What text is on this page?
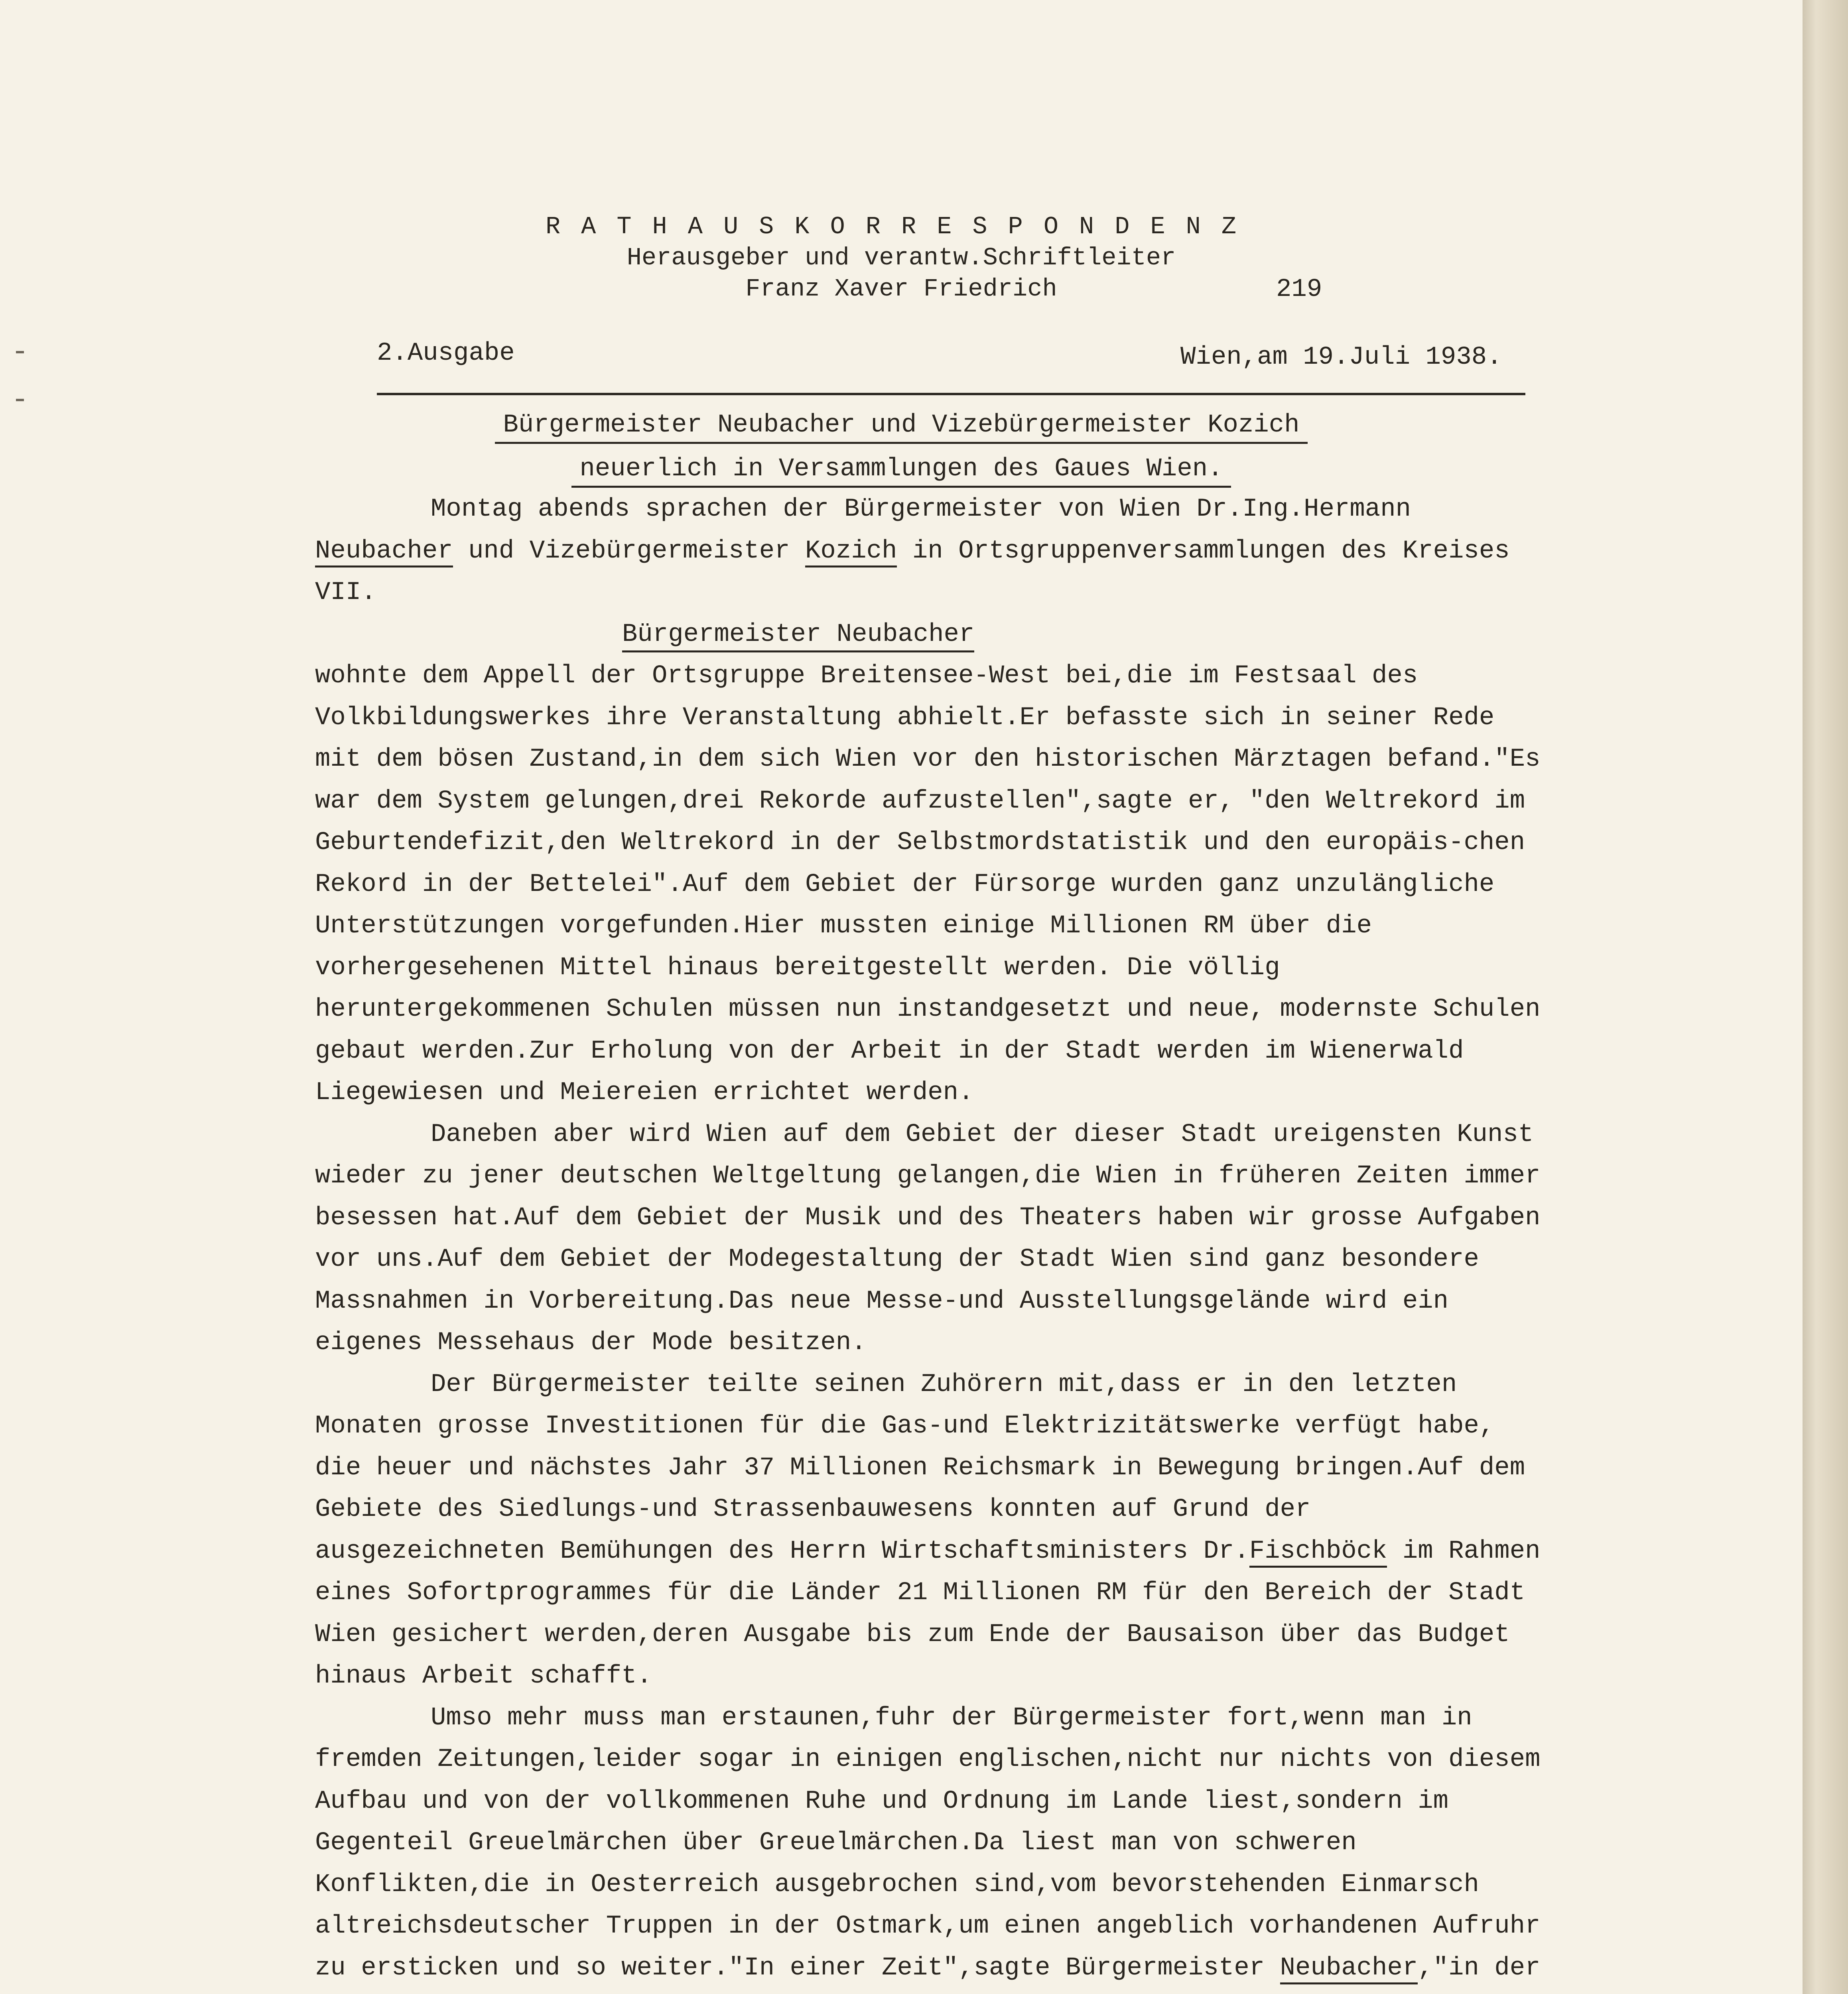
RATHAUSKORRESPONDENZ
Herausgeber und verantw.Schriftleiter
Franz Xaver Friedrich	219
2.Ausgabe	Wien,am 19.Juli 1938.
Bürgermeister Neubacher und Vizebürgermeister Kozich
neuerlich in Versammlungen des Gaues Wien.

Montag abends sprachen der Bürgermeister von Wien Dr.Ing.Hermann Neubacher und Vizebürgermeister Kozich in Ortsgruppenversammlungen des Kreises VII.

Bürgermeister Neubacher

wohnte dem Appell der Ortsgruppe Breitensee-West bei,die im Festsaal des Volkbildungswerkes ihre Veranstaltung abhielt.Er befasste sich in seiner Rede mit dem bösen Zustand,in dem sich Wien vor den historischen Märztagen befand."Es war dem System gelungen,drei Rekorde aufzustellen",sagte er, "den Weltrekord im Geburtendefizit,den Weltrekord in der Selbstmordstatistik und den europäis-chen Rekord in der Bettelei".Auf dem Gebiet der Fürsorge wurden ganz unzulängliche Unterstützungen vorgefunden.Hier mussten einige Millionen RM über die vorhergesehenen Mittel hinaus bereitgestellt werden. Die völlig heruntergekommenen Schulen müssen nun instandgesetzt und neue, modernste Schulen gebaut werden.Zur Erholung von der Arbeit in der Stadt werden im Wienerwald Liegewiesen und Meiereien errichtet werden.

Daneben aber wird Wien auf dem Gebiet der dieser Stadt ureigensten Kunst wieder zu jener deutschen Weltgeltung gelangen,die Wien in früheren Zeiten immer besessen hat.Auf dem Gebiet der Musik und des Theaters haben wir grosse Aufgaben vor uns.Auf dem Gebiet der Modegestaltung der Stadt Wien sind ganz besondere Massnahmen in Vorbereitung.Das neue Messe-und Ausstellungsgelände wird ein eigenes Messehaus der Mode besitzen.

Der Bürgermeister teilte seinen Zuhörern mit,dass er in den letzten Monaten grosse Investitionen für die Gas-und Elektrizitätswerke verfügt habe, die heuer und nächstes Jahr 37 Millionen Reichsmark in Bewegung bringen.Auf dem Gebiete des Siedlungs-und Strassenbauwesens konnten auf Grund der ausgezeichneten Bemühungen des Herrn Wirtschaftsministers Dr.Fischböck im Rahmen eines Sofortprogrammes für die Länder 21 Millionen RM für den Bereich der Stadt Wien gesichert werden,deren Ausgabe bis zum Ende der Bausaison über das Budget hinaus Arbeit schafft.

Umso mehr muss man erstaunen,fuhr der Bürgermeister fort,wenn man in fremden Zeitungen,leider sogar in einigen englischen,nicht nur nichts von diesem Aufbau und von der vollkommenen Ruhe und Ordnung im Lande liest,sondern im Gegenteil Greuelmärchen über Greuelmärchen.Da liest man von schweren Konflikten,die in Oesterreich ausgebrochen sind,vom bevorstehenden Einmarsch altreichsdeutscher Truppen in der Ostmark,um einen angeblich vorhandenen Aufruhr zu ersticken und so weiter."In einer Zeit",sagte Bürgermeister Neubacher,"in der
